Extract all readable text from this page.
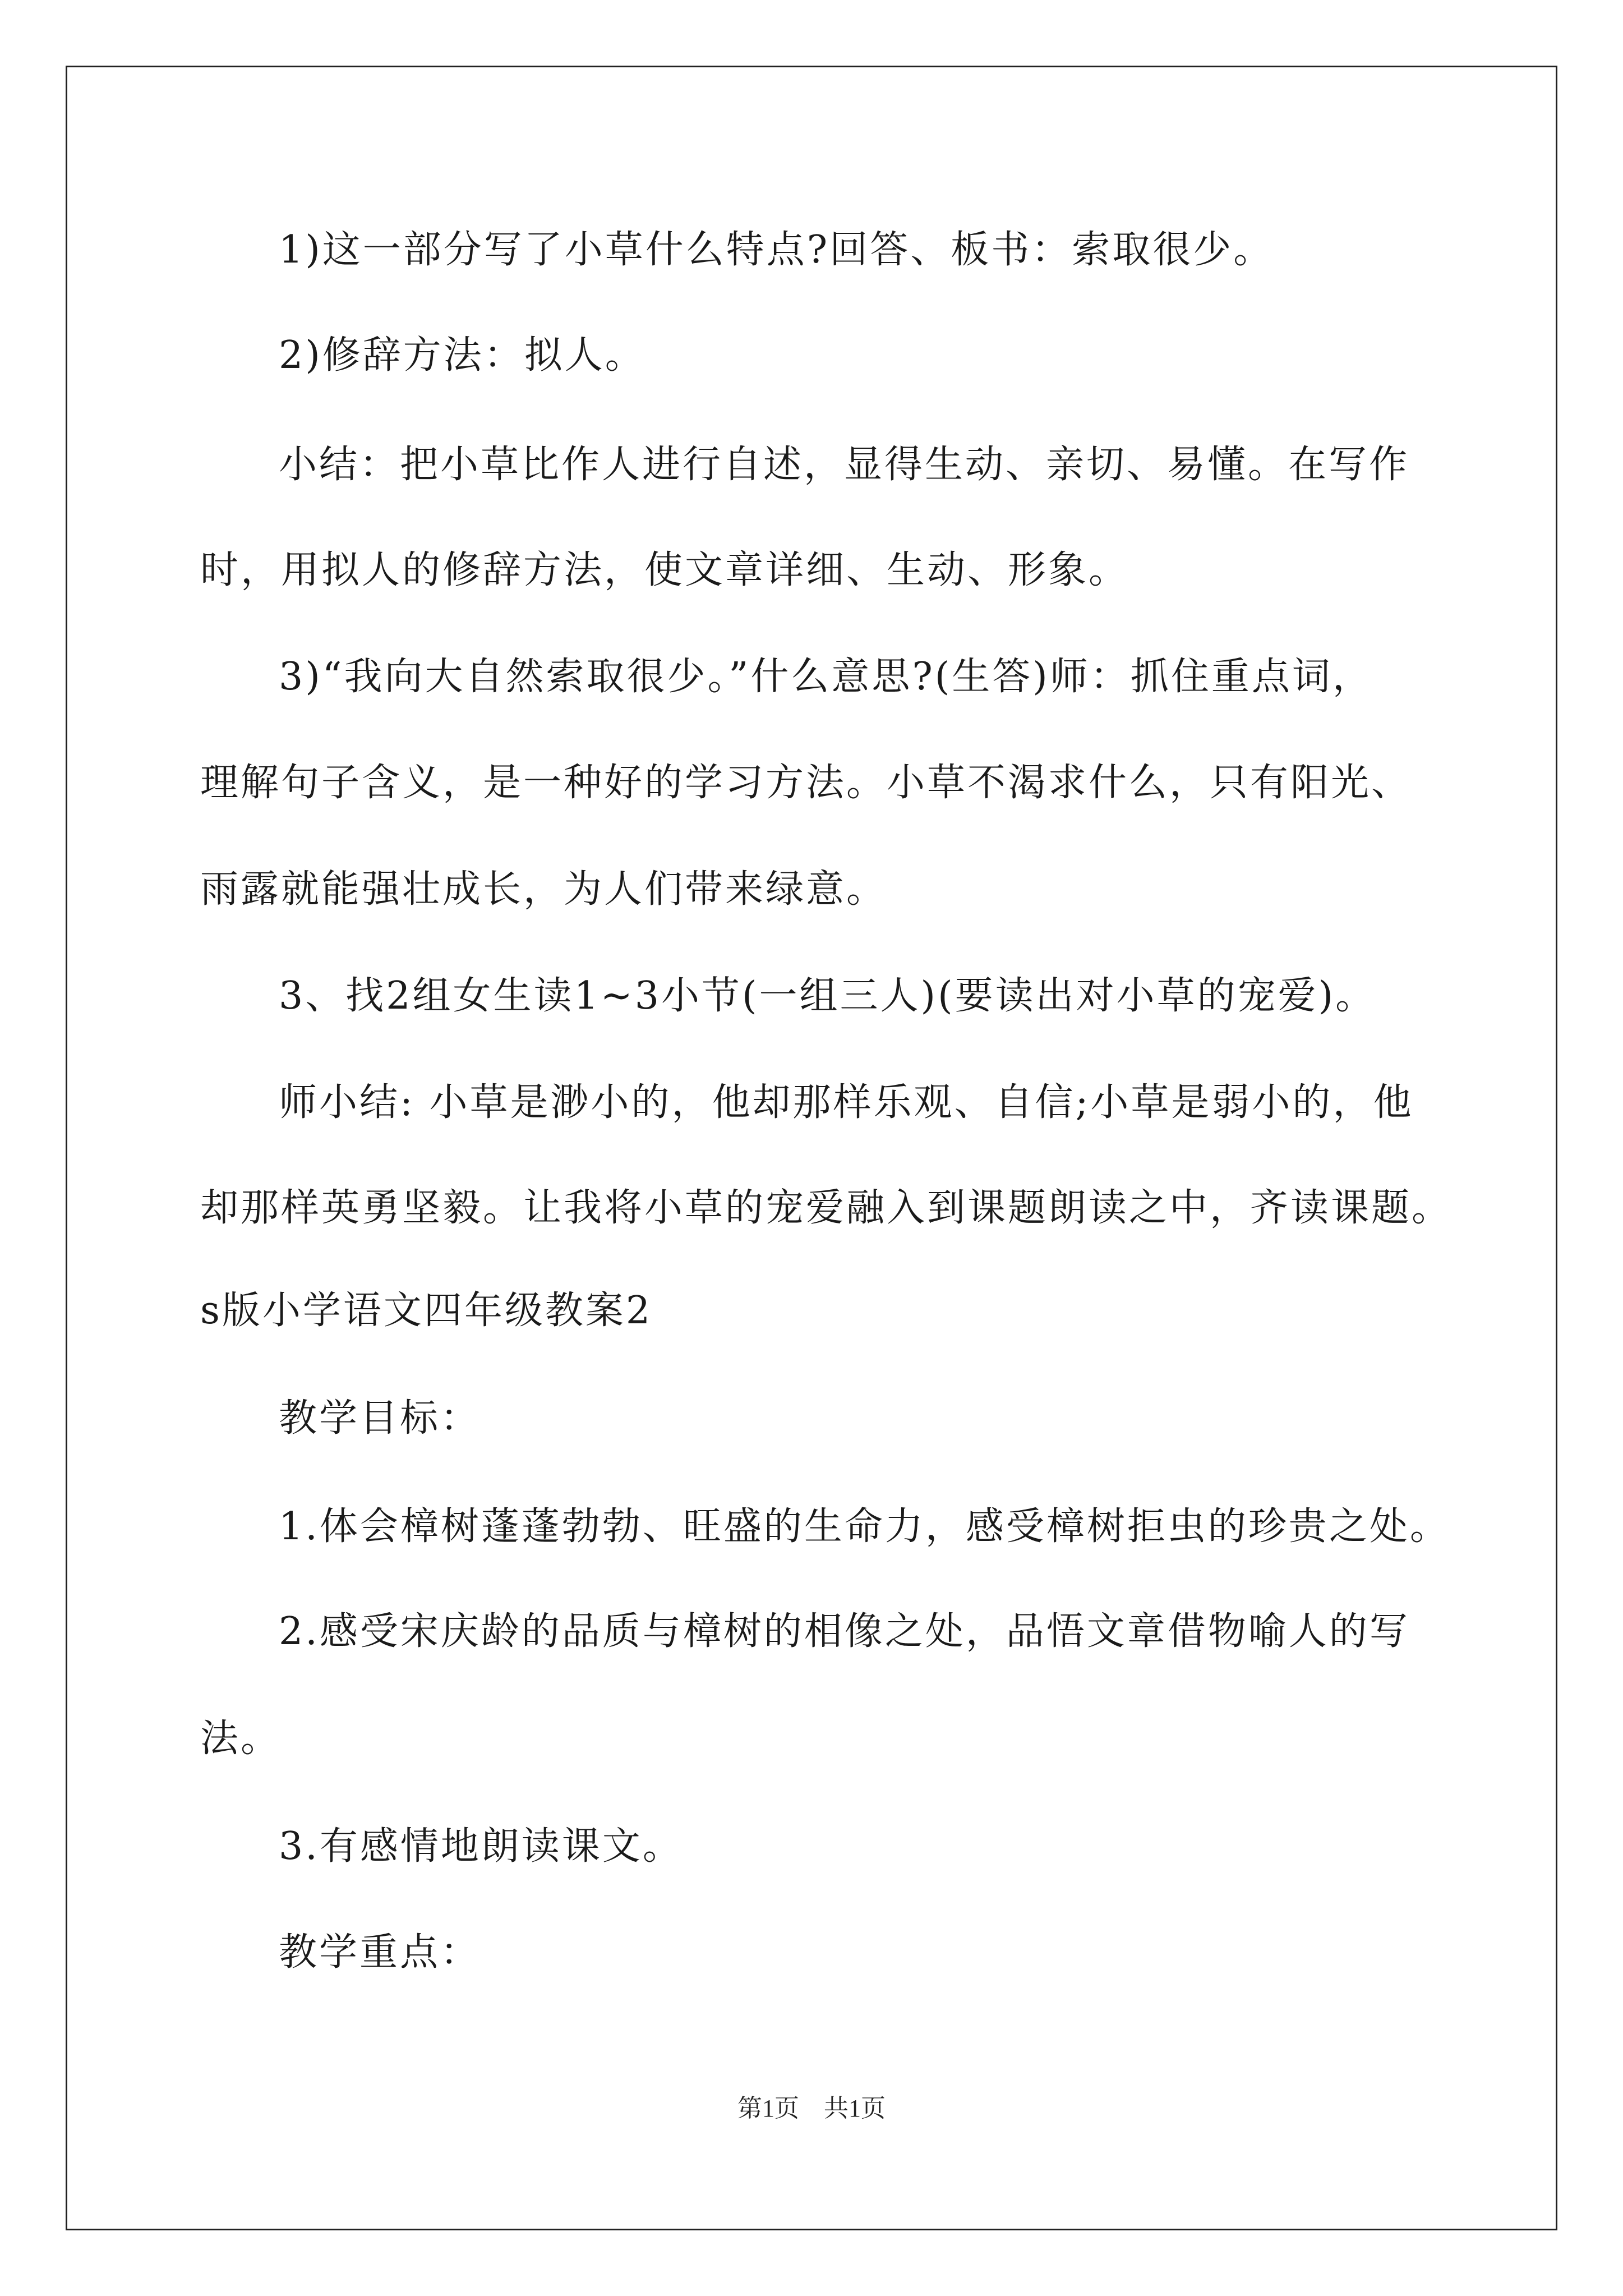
1)这一部分写了小草什么特点?回答、板书：索取很少。
2)修辞方法：拟人。
小结：把小草比作人进行自述，显得生动、亲切、易懂。在写作
时，用拟人的修辞方法，使文章详细、生动、形象。
3)“我向大自然索取很少。”什么意思?(生答)师：抓住重点词，
理解句子含义，是一种好的学习方法。小草不渴求什么，只有阳光、
雨露就能强壮成长，为人们带来绿意。
3、找2组女生读1~3小节(一组三人)(要读出对小草的宠爱)。
师小结: 小草是渺小的，他却那样乐观、自信;小草是弱小的，他
却那样英勇坚毅。让我将小草的宠爱融入到课题朗读之中，齐读课题。
s版小学语文四年级教案2
教学目标：
1.体会樟树蓬蓬勃勃、旺盛的生命力，感受樟树拒虫的珍贵之处。
2.感受宋庆龄的品质与樟树的相像之处，品悟文章借物喻人的写
法。
3.有感情地朗读课文。
教学重点：
第1页　共1页
